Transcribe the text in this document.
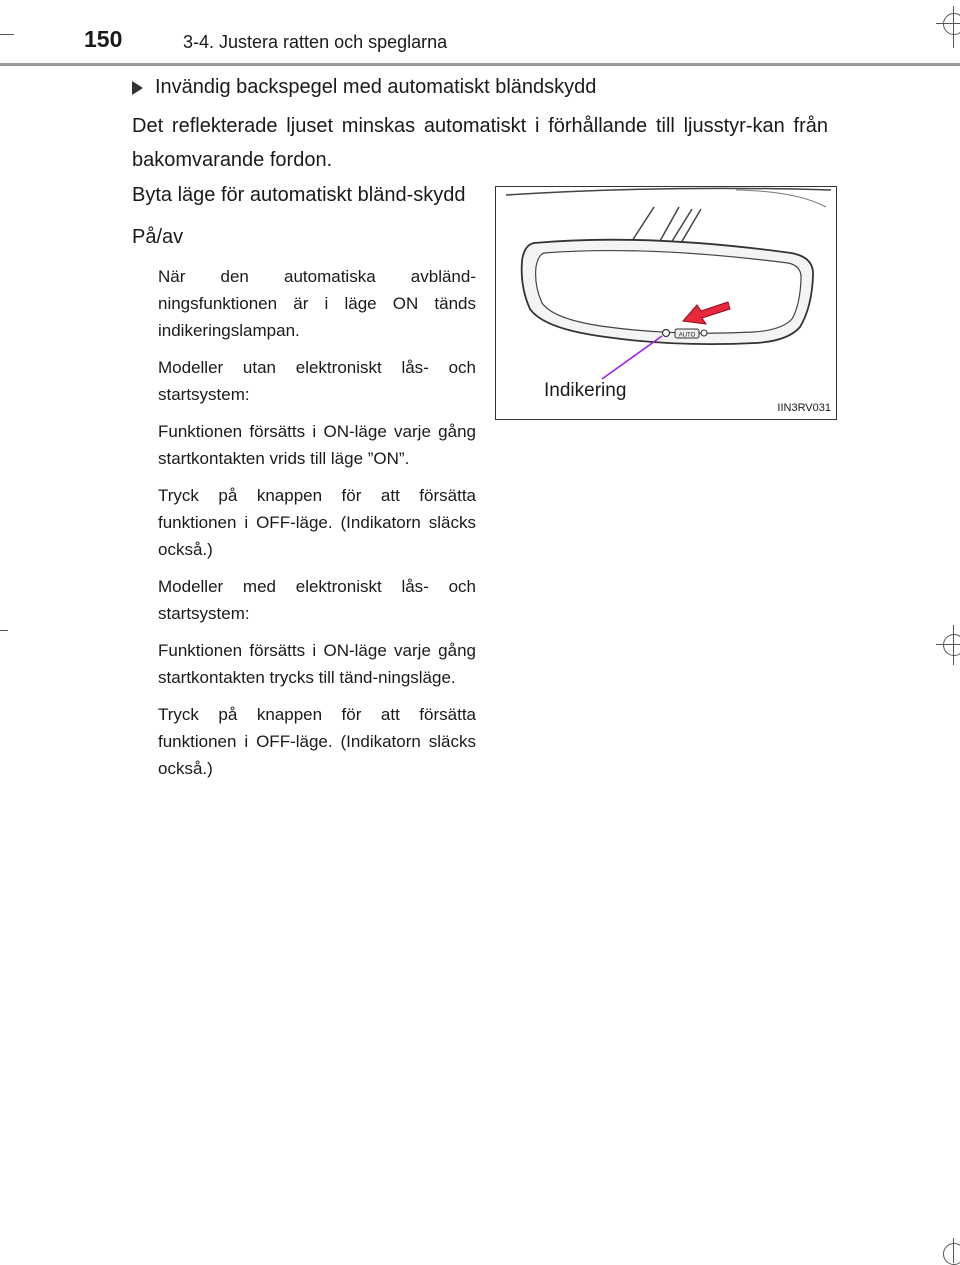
150	3-4. Justera ratten och speglarna
Invändig backspegel med automatiskt bländskydd
Det reflekterade ljuset minskas automatiskt i förhållande till ljusstyr-kan från bakomvarande fordon.

Byta läge för automatiskt bländ-skydd

På/av

När den automatiska avbländ-ningsfunktionen är i läge ON tänds indikeringslampan.

Modeller utan elektroniskt lås- och startsystem:

Funktionen försätts i ON-läge varje gång startkontakten vrids till läge ”ON”.

Tryck på knappen för att försätta funktionen i OFF-läge. (Indikatorn släcks också.)

Modeller med elektroniskt lås- och startsystem:

Funktionen försätts i ON-läge varje gång startkontakten trycks till tänd-ningsläge.

Tryck på knappen för att försätta funktionen i OFF-läge. (Indikatorn släcks också.)

AUTO
Indikering
IIN3RV031
